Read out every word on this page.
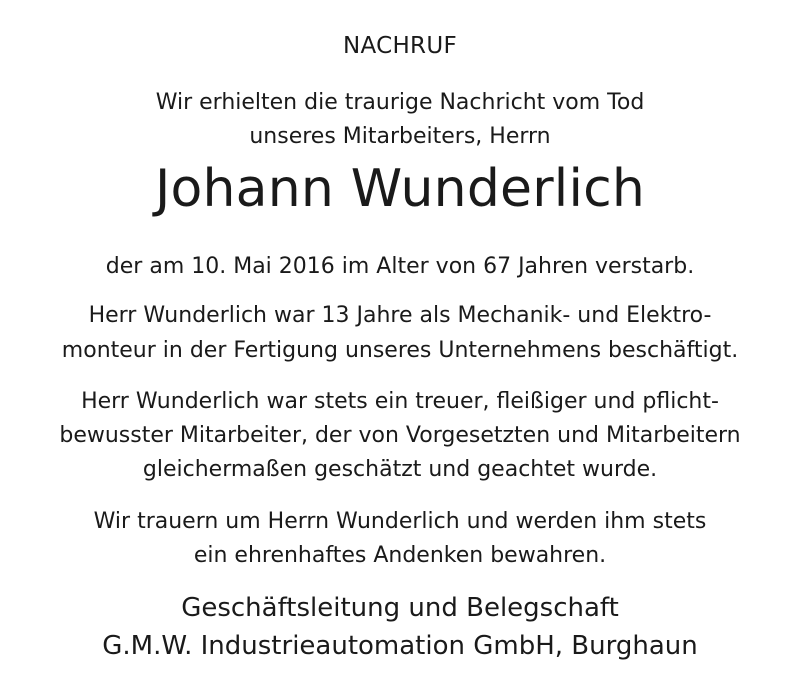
NACHRUF
Wir erhielten die traurige Nachricht vom Tod
unseres Mitarbeiters, Herrn
Johann Wunderlich
der am 10. Mai 2016 im Alter von 67 Jahren verstarb.
Herr Wunderlich war 13 Jahre als Mechanik- und Elektro-
monteur in der Fertigung unseres Unternehmens beschäftigt.
Herr Wunderlich war stets ein treuer, fleißiger und pflicht-
bewusster Mitarbeiter, der von Vorgesetzten und Mitarbeitern
gleichermaßen geschätzt und geachtet wurde.
Wir trauern um Herrn Wunderlich und werden ihm stets
ein ehrenhaftes Andenken bewahren.
Geschäftsleitung und Belegschaft
G.M.W. Industrieautomation GmbH, Burghaun
